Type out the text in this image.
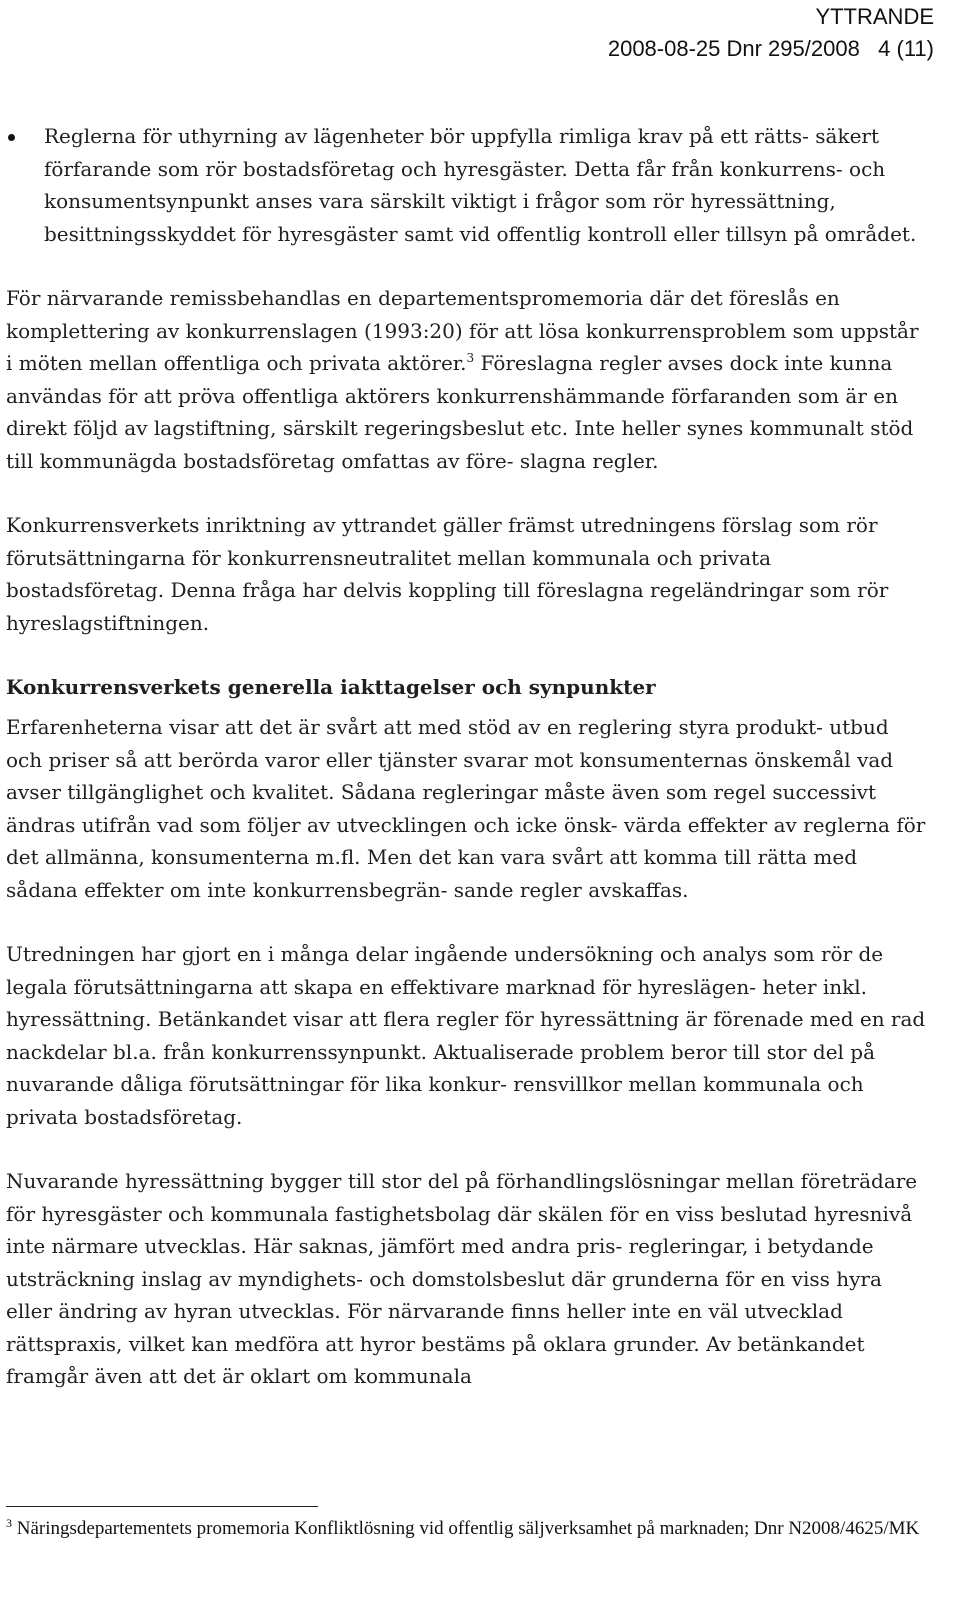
YTTRANDE
2008-08-25 Dnr 295/2008   4 (11)
Reglerna för uthyrning av lägenheter bör uppfylla rimliga krav på ett rätts- säkert förfarande som rör bostadsföretag och hyresgäster. Detta får från konkurrens- och konsumentsynpunkt anses vara särskilt viktigt i frågor som rör hyressättning, besittningsskyddet för hyresgäster samt vid offentlig kontroll eller tillsyn på området.

För närvarande remissbehandlas en departementspromemoria där det föreslås en komplettering av konkurrenslagen (1993:20) för att lösa konkurrensproblem som uppstår i möten mellan offentliga och privata aktörer.$^3$ Föreslagna regler avses dock inte kunna användas för att pröva offentliga aktörers konkurrenshämmande förfaranden som är en direkt följd av lagstiftning, särskilt regeringsbeslut etc. Inte heller synes kommunalt stöd till kommunägda bostadsföretag omfattas av före- slagna regler.

Konkurrensverkets inriktning av yttrandet gäller främst utredningens förslag som rör förutsättningarna för konkurrensneutralitet mellan kommunala och privata bostadsföretag. Denna fråga har delvis koppling till föreslagna regeländringar som rör hyreslagstiftningen.

Konkurrensverkets generella iakttagelser och synpunkter

Erfarenheterna visar att det är svårt att med stöd av en reglering styra produkt- utbud och priser så att berörda varor eller tjänster svarar mot konsumenternas önskemål vad avser tillgänglighet och kvalitet. Sådana regleringar måste även som regel successivt ändras utifrån vad som följer av utvecklingen och icke önsk- värda effekter av reglerna för det allmänna, konsumenterna m.fl. Men det kan vara svårt att komma till rätta med sådana effekter om inte konkurrensbegrän- sande regler avskaffas.

Utredningen har gjort en i många delar ingående undersökning och analys som rör de legala förutsättningarna att skapa en effektivare marknad för hyreslägen- heter inkl. hyressättning. Betänkandet visar att flera regler för hyressättning är förenade med en rad nackdelar bl.a. från konkurrenssynpunkt. Aktualiserade problem beror till stor del på nuvarande dåliga förutsättningar för lika konkur- rensvillkor mellan kommunala och privata bostadsföretag.

Nuvarande hyressättning bygger till stor del på förhandlingslösningar mellan företrädare för hyresgäster och kommunala fastighetsbolag där skälen för en viss beslutad hyresnivå inte närmare utvecklas. Här saknas, jämfört med andra pris- regleringar, i betydande utsträckning inslag av myndighets- och domstolsbeslut där grunderna för en viss hyra eller ändring av hyran utvecklas. För närvarande finns heller inte en väl utvecklad rättspraxis, vilket kan medföra att hyror bestäms på oklara grunder. Av betänkandet framgår även att det är oklart om kommunala

$^3$ Näringsdepartementets promemoria Konfliktlösning vid offentlig säljverksamhet på marknaden; Dnr N2008/4625/MK
